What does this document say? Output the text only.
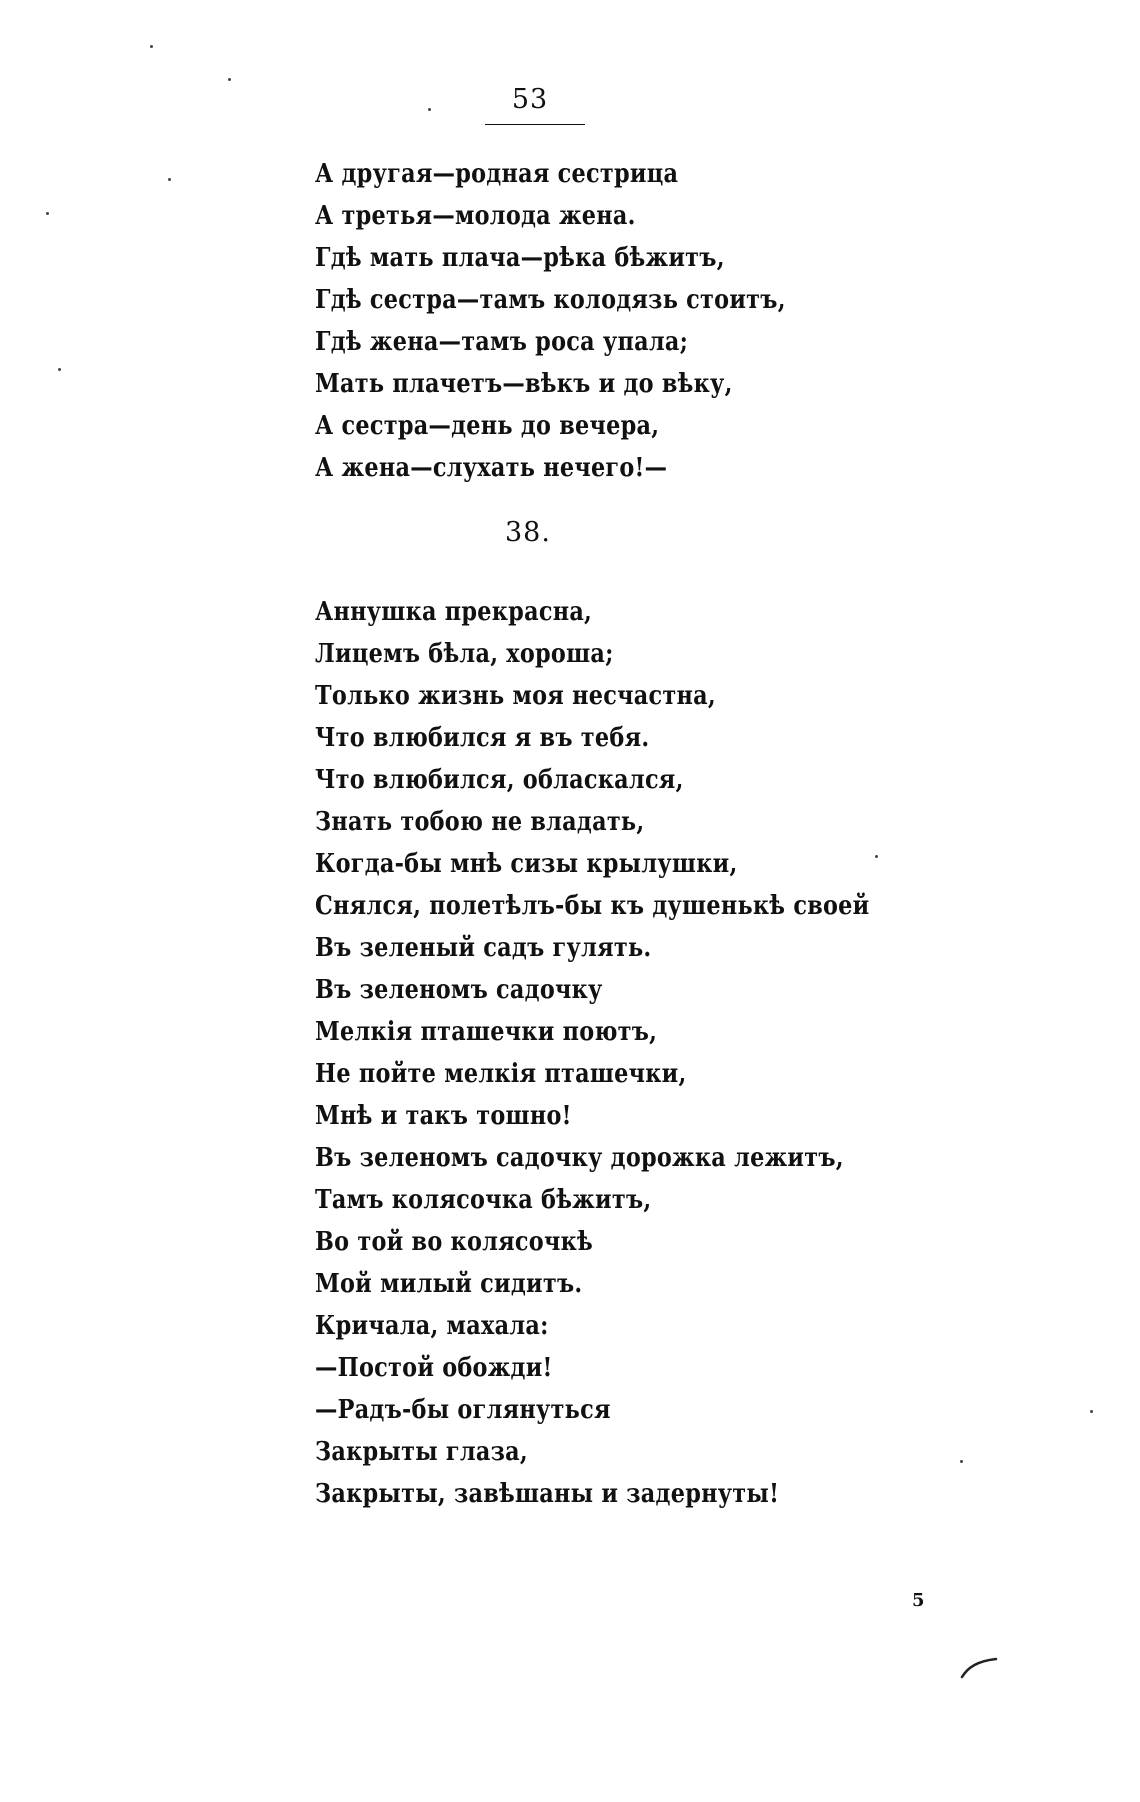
53
А другая—родная сестрица
А третья—молода жена.
Гдѣ мать плача—рѣка бѣжитъ,
Гдѣ сестра—тамъ колодязь стоитъ,
Гдѣ жена—тамъ роса упала;
Мать плачетъ—вѣкъ и до вѣку,
А сестра—день до вечера,
А жена—слухать нечего!—
38.
Аннушка прекрасна,
Лицемъ бѣла, хороша;
Только жизнь моя несчастна,
Что влюбился я въ тебя.
Что влюбился, обласкался,
Знать тобою не владать,
Когда-бы мнѣ сизы крылушки,
Снялся, полетѣлъ-бы къ душенькѣ своей
Въ зеленый садъ гулять.
Въ зеленомъ садочку
Мелкія пташечки поютъ,
Не пойте мелкія пташечки,
Мнѣ и такъ тошно!
Въ зеленомъ садочку дорожка лежитъ,
Тамъ колясочка бѣжитъ,
Во той во колясочкѣ
Мой милый сидитъ.
Кричала, махала:
—Постой обожди!
—Радъ-бы оглянуться
Закрыты глаза,
Закрыты, завѣшаны и задернуты!
5
